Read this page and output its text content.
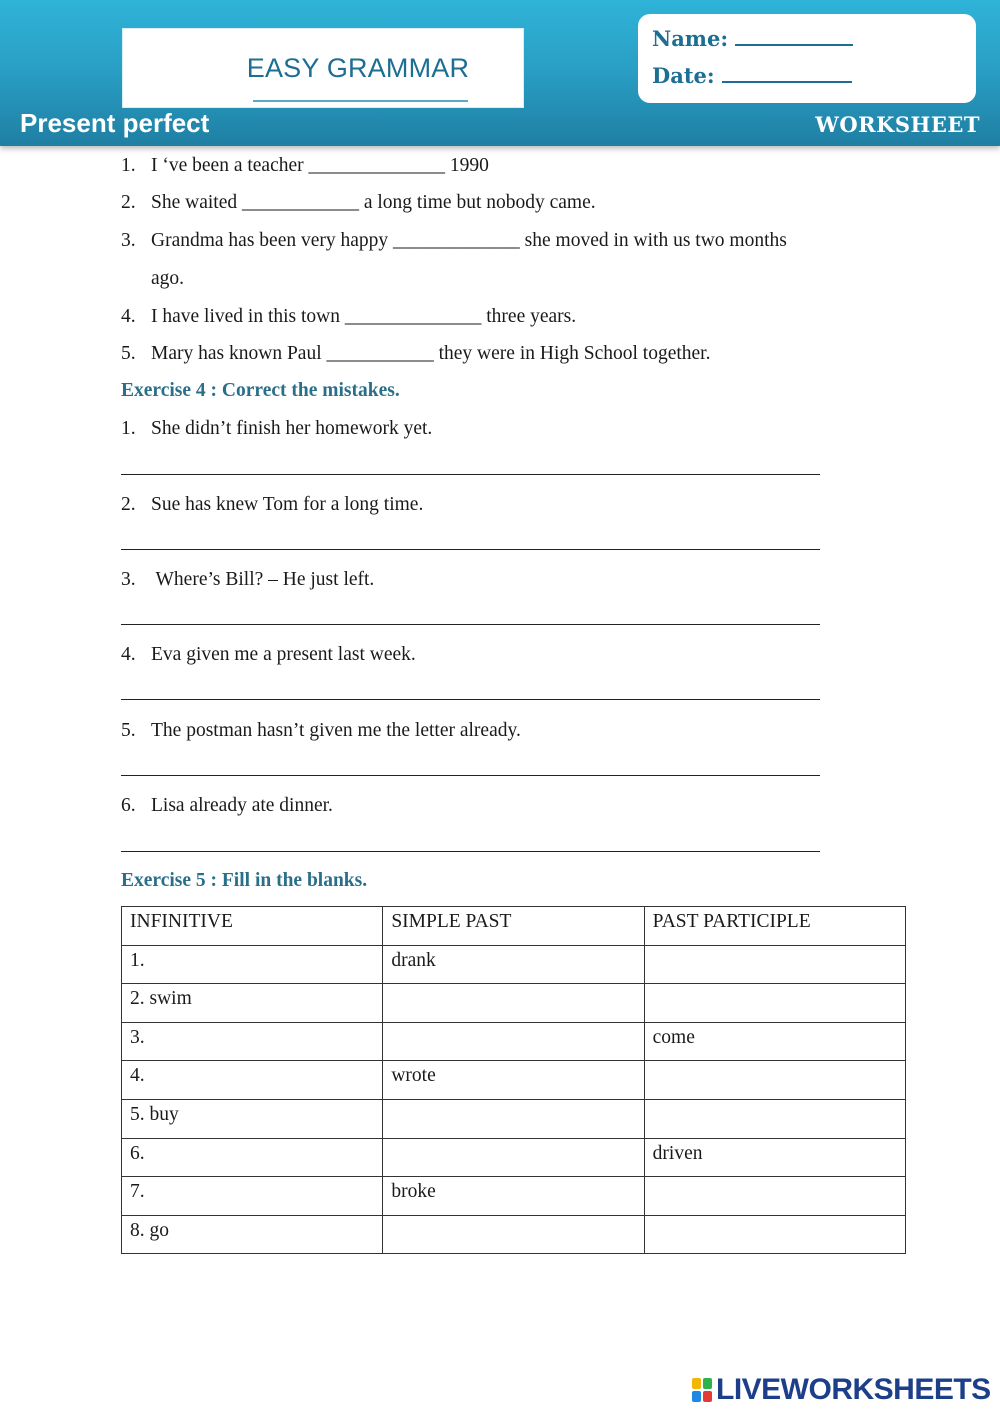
EASY GRAMMAR
Name:
Date:
Present perfect	WORKSHEET
1. I ‘ve been a teacher ______________ 1990
2. She waited ____________ a long time but nobody came.
3. Grandma has been very happy _____________ she moved in with us two months
ago.
4. I have lived in this town ______________ three years.
5. Mary has known Paul ___________ they were in High School together.
Exercise 4 : Correct the mistakes.
1. She didn’t finish her homework yet.
2. Sue has knew Tom for a long time.
3. Where’s Bill? – He just left.
4. Eva given me a present last week.
5. The postman hasn’t given me the letter already.
6. Lisa already ate dinner.
Exercise 5 : Fill in the blanks.
INFINITIVE	SIMPLE PAST	PAST PARTICIPLE
1.	drank	
2. swim		
3.		come
4.	wrote	
5. buy		
6.		driven
7.	broke	
8. go		
LIVEWORKSHEETS
